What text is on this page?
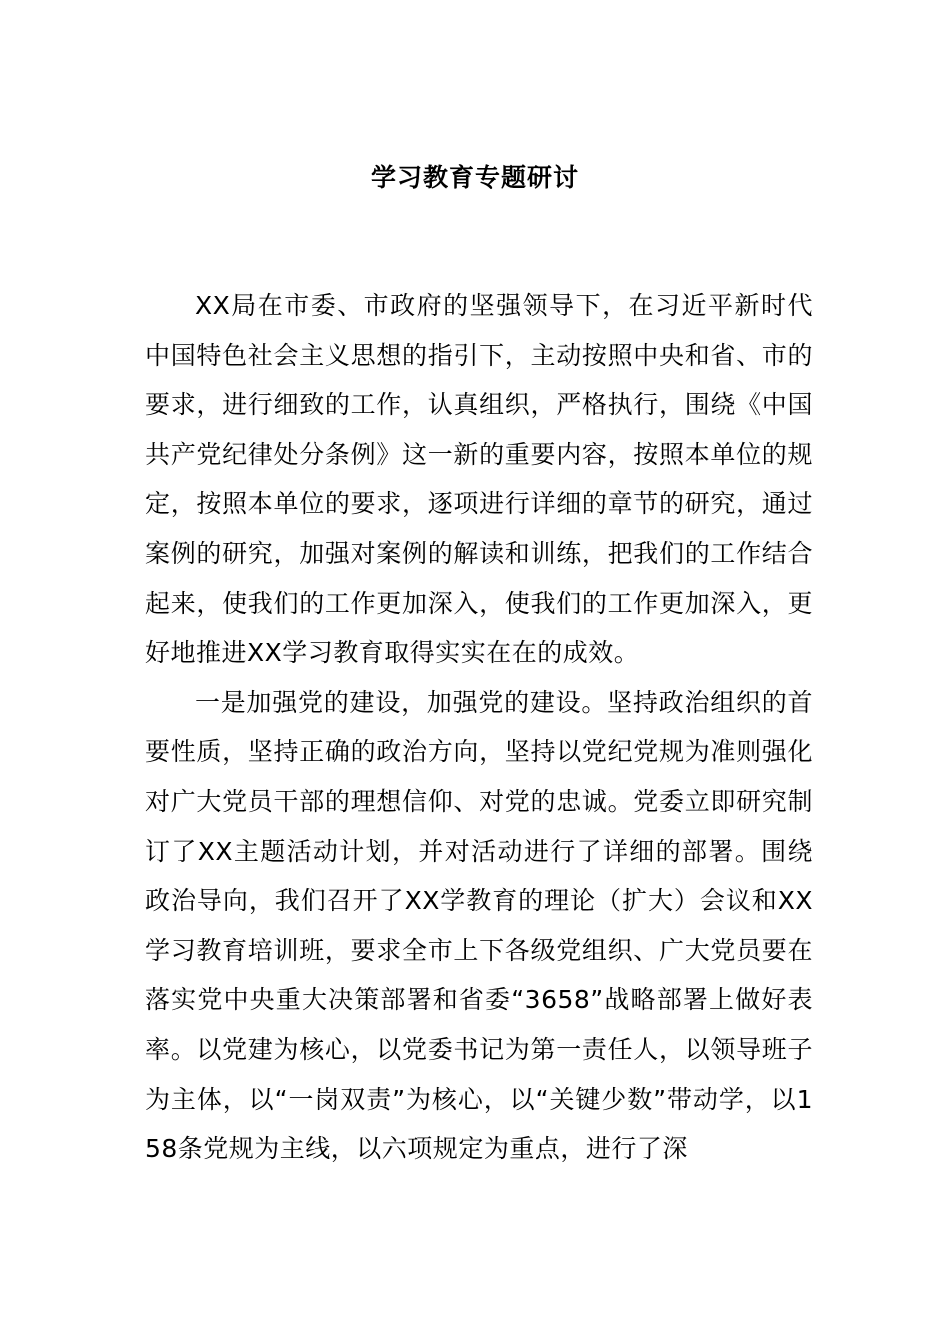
学习教育专题研讨

XX局在市委、市政府的坚强领导下，在习近平新时代中国特色社会主义思想的指引下，主动按照中央和省、市的要求，进行细致的工作，认真组织，严格执行，围绕《中国共产党纪律处分条例》这一新的重要内容，按照本单位的规定，按照本单位的要求，逐项进行详细的章节的研究，通过案例的研究，加强对案例的解读和训练，把我们的工作结合起来，使我们的工作更加深入，使我们的工作更加深入，更好地推进XX学习教育取得实实在在的成效。

一是加强党的建设，加强党的建设。坚持政治组织的首要性质，坚持正确的政治方向，坚持以党纪党规为准则强化对广大党员干部的理想信仰、对党的忠诚。党委立即研究制订了XX主题活动计划，并对活动进行了详细的部署。围绕政治导向，我们召开了XX学教育的理论（扩大）会议和XX学习教育培训班，要求全市上下各级党组织、广大党员要在落实党中央重大决策部署和省委“3658”战略部署上做好表率。以党建为核心，以党委书记为第一责任人，以领导班子为主体，以“一岗双责”为核心，以“关键少数”带动学，以158条党规为主线，以六项规定为重点，进行了深
